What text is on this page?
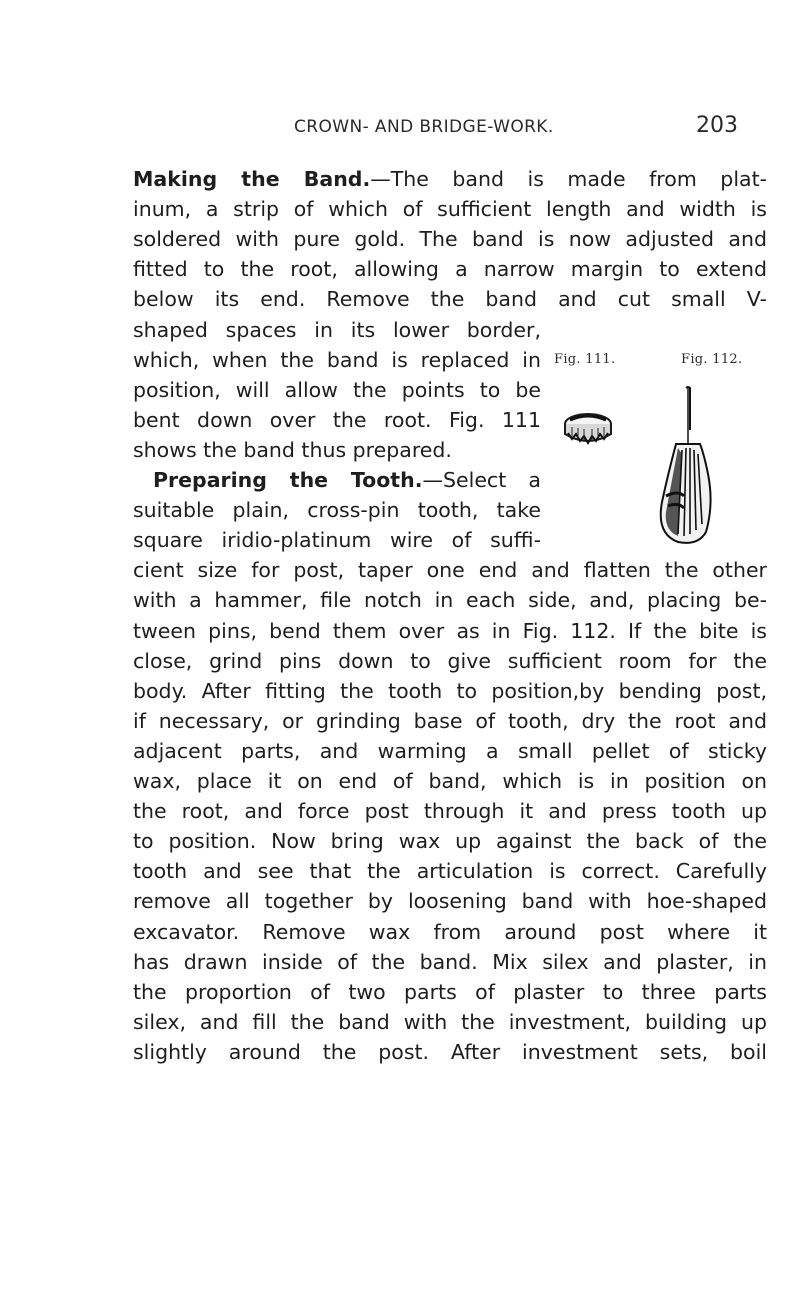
CROWN- AND BRIDGE-WORK.	203
Making the Band.—The band is made from plat-
inum, a strip of which of sufficient length and width is
soldered with pure gold. The band is now adjusted and
fitted to the root, allowing a narrow margin to extend
below its end. Remove the band and cut small V-
shaped spaces in its lower border,
which, when the band is replaced in
position, will allow the points to be
bent down over the root. Fig. 111
shows the band thus prepared.
Preparing the Tooth.—Select a
suitable plain, cross-pin tooth, take
square iridio-platinum wire of suffi-
cient size for post, taper one end and flatten the other
with a hammer, file notch in each side, and, placing be-
tween pins, bend them over as in Fig. 112. If the bite is
close, grind pins down to give sufficient room for the
body. After fitting the tooth to position,by bending post,
if necessary, or grinding base of tooth, dry the root and
adjacent parts, and warming a small pellet of sticky
wax, place it on end of band, which is in position on
the root, and force post through it and press tooth up
to position. Now bring wax up against the back of the
tooth and see that the articulation is correct. Carefully
remove all together by loosening band with hoe-shaped
excavator. Remove wax from around post where it
has drawn inside of the band. Mix silex and plaster, in
the proportion of two parts of plaster to three parts
silex, and fill the band with the investment, building up
slightly around the post. After investment sets, boil
Fig. 111.	Fig. 112.
